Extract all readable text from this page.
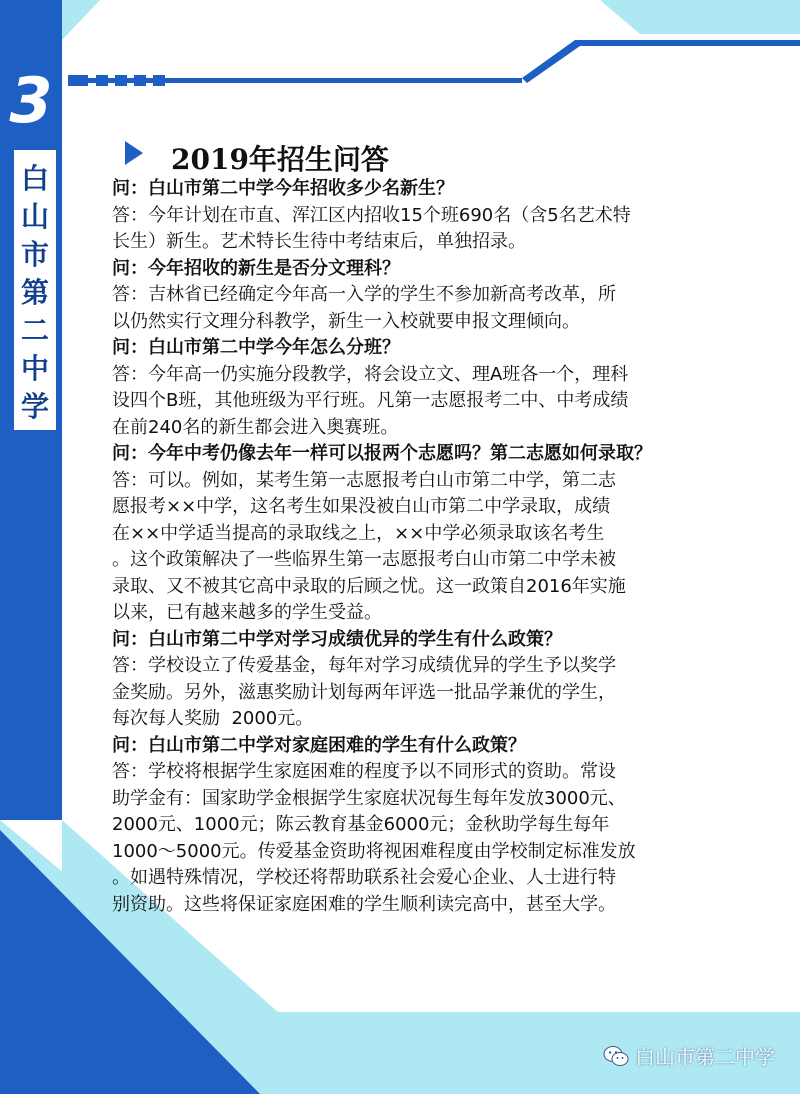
3
白
山
市
第
二
中
学
2019年招生问答
问：白山市第二中学今年招收多少名新生？
答：今年计划在市直、浑江区内招收15个班690名（含5名艺术特
长生）新生。艺术特长生待中考结束后，单独招录。
问：今年招收的新生是否分文理科？
答：吉林省已经确定今年高一入学的学生不参加新高考改革，所
以仍然实行文理分科教学，新生一入校就要申报文理倾向。
问：白山市第二中学今年怎么分班？
答：今年高一仍实施分段教学，将会设立文、理A班各一个，理科
设四个B班，其他班级为平行班。凡第一志愿报考二中、中考成绩
在前240名的新生都会进入奥赛班。
问：今年中考仍像去年一样可以报两个志愿吗？第二志愿如何录取？
答：可以。例如，某考生第一志愿报考白山市第二中学，第二志
愿报考××中学，这名考生如果没被白山市第二中学录取，成绩
在××中学适当提高的录取线之上，××中学必须录取该名考生
。这个政策解决了一些临界生第一志愿报考白山市第二中学未被
录取、又不被其它高中录取的后顾之忧。这一政策自2016年实施
以来，已有越来越多的学生受益。
问：白山市第二中学对学习成绩优异的学生有什么政策？
答：学校设立了传爱基金，每年对学习成绩优异的学生予以奖学
金奖励。另外，滋惠奖励计划每两年评选一批品学兼优的学生，
每次每人奖励  2000元。
问：白山市第二中学对家庭困难的学生有什么政策？
答：学校将根据学生家庭困难的程度予以不同形式的资助。常设
助学金有：国家助学金根据学生家庭状况每生每年发放3000元、
2000元、1000元；陈云教育基金6000元；金秋助学每生每年
1000～5000元。传爱基金资助将视困难程度由学校制定标准发放
。如遇特殊情况，学校还将帮助联系社会爱心企业、人士进行特
别资助。这些将保证家庭困难的学生顺利读完高中，甚至大学。
白山市第二中学
